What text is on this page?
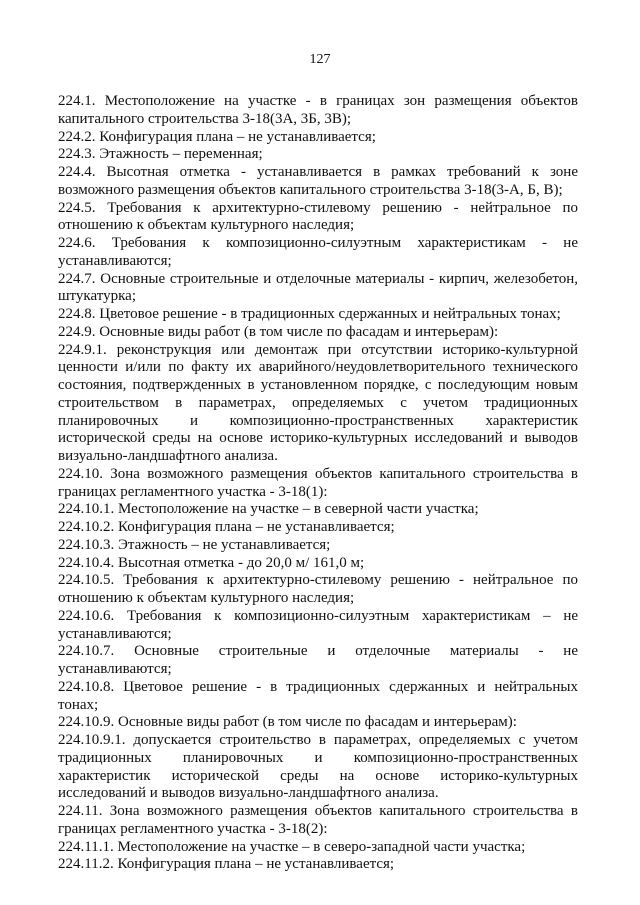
127

224.1. Местоположение на участке - в границах зон размещения объектов капитального строительства 3-18(3А, 3Б, 3В);

224.2. Конфигурация плана – не устанавливается;

224.3. Этажность – переменная;

224.4. Высотная отметка - устанавливается в рамках требований к зоне возможного размещения объектов капитального строительства 3-18(3-А, Б, В);

224.5. Требования к архитектурно-стилевому решению - нейтральное по отношению к объектам культурного наследия;

224.6. Требования к композиционно-силуэтным характеристикам - не устанавливаются;

224.7. Основные строительные и отделочные материалы - кирпич, железобетон, штукатурка;

224.8. Цветовое решение - в традиционных сдержанных и нейтральных тонах;

224.9. Основные виды работ (в том числе по фасадам и интерьерам):

224.9.1. реконструкция или демонтаж при отсутствии историко-культурной ценности и/или по факту их аварийного/неудовлетворительного технического состояния, подтвержденных в установленном порядке, с последующим новым строительством в параметрах, определяемых с учетом традиционных планировочных и композиционно-пространственных характеристик исторической среды на основе историко-культурных исследований и выводов визуально-ландшафтного анализа.

224.10. Зона возможного размещения объектов капитального строительства в границах регламентного участка - 3-18(1):

224.10.1. Местоположение на участке – в северной части участка;

224.10.2. Конфигурация плана – не устанавливается;

224.10.3. Этажность – не устанавливается;

224.10.4. Высотная отметка - до 20,0 м/ 161,0 м;

224.10.5. Требования к архитектурно-стилевому решению - нейтральное по отношению к объектам культурного наследия;

224.10.6. Требования к композиционно-силуэтным характеристикам – не устанавливаются;

224.10.7. Основные строительные и отделочные материалы - не устанавливаются;

224.10.8. Цветовое решение - в традиционных сдержанных и нейтральных тонах;

224.10.9. Основные виды работ (в том числе по фасадам и интерьерам):

224.10.9.1. допускается строительство в параметрах, определяемых с учетом традиционных планировочных и композиционно-пространственных характеристик исторической среды на основе историко-культурных исследований и выводов визуально-ландшафтного анализа.

224.11. Зона возможного размещения объектов капитального строительства в границах регламентного участка - 3-18(2):

224.11.1. Местоположение на участке – в северо-западной части участка;

224.11.2. Конфигурация плана – не устанавливается;
